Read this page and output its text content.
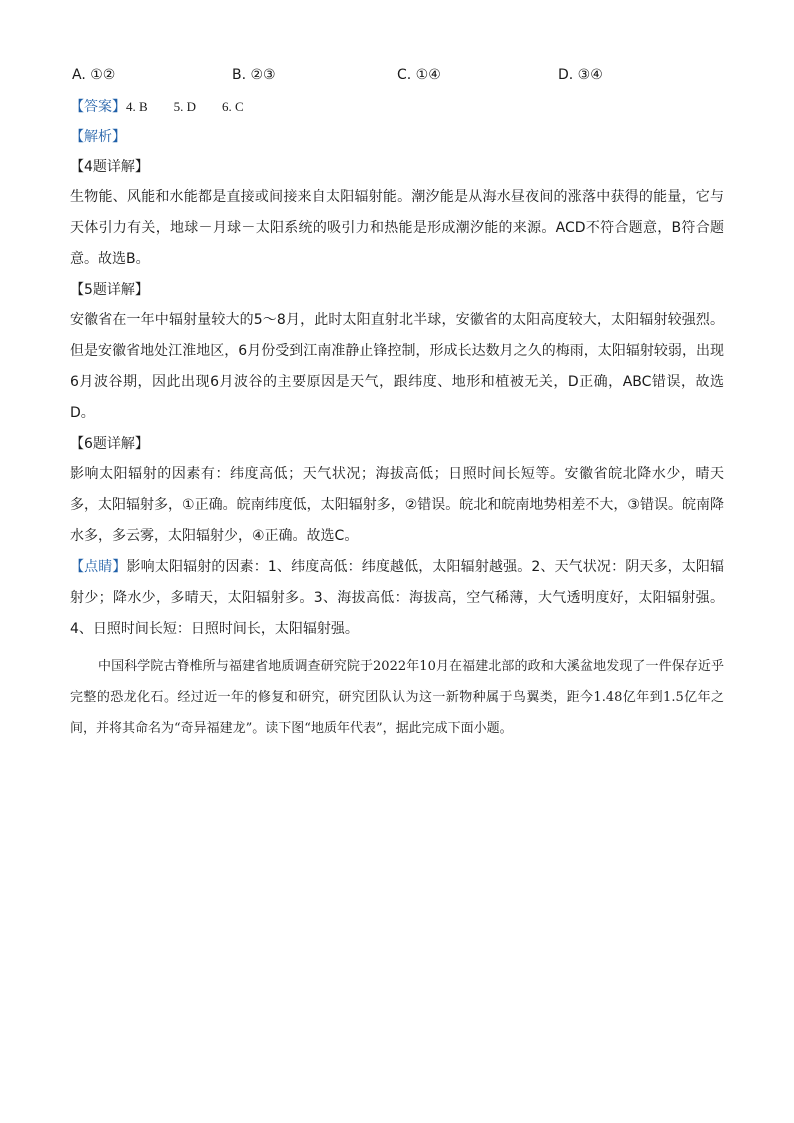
A. ①②	B. ②③	C. ①④	D. ③④
【答案】4. B　　5. D　　6. C
【解析】
【4题详解】

生物能、风能和水能都是直接或间接来自太阳辐射能。潮汐能是从海水昼夜间的涨落中获得的能量，它与天体引力有关，地球－月球－太阳系统的吸引力和热能是形成潮汐能的来源。ACD不符合题意，B符合题意。故选B。

【5题详解】

安徽省在一年中辐射量较大的5～8月，此时太阳直射北半球，安徽省的太阳高度较大，太阳辐射较强烈。但是安徽省地处江淮地区，6月份受到江南准静止锋控制，形成长达数月之久的梅雨，太阳辐射较弱，出现6月波谷期，因此出现6月波谷的主要原因是天气，跟纬度、地形和植被无关，D正确，ABC错误，故选D。

【6题详解】

影响太阳辐射的因素有：纬度高低；天气状况；海拔高低；日照时间长短等。安徽省皖北降水少，晴天多，太阳辐射多，①正确。皖南纬度低，太阳辐射多，②错误。皖北和皖南地势相差不大，③错误。皖南降水多，多云雾，太阳辐射少，④正确。故选C。

【点睛】影响太阳辐射的因素：1、纬度高低：纬度越低，太阳辐射越强。2、天气状况：阴天多，太阳辐射少；降水少，多晴天，太阳辐射多。3、海拔高低：海拔高，空气稀薄，大气透明度好，太阳辐射强。4、日照时间长短：日照时间长，太阳辐射强。

中国科学院古脊椎所与福建省地质调查研究院于2022年10月在福建北部的政和大溪盆地发现了一件保存近乎完整的恐龙化石。经过近一年的修复和研究，研究团队认为这一新物种属于鸟翼类，距今1.48亿年到1.5亿年之间，并将其命名为“奇异福建龙”。读下图“地质年代表”，据此完成下面小题。
